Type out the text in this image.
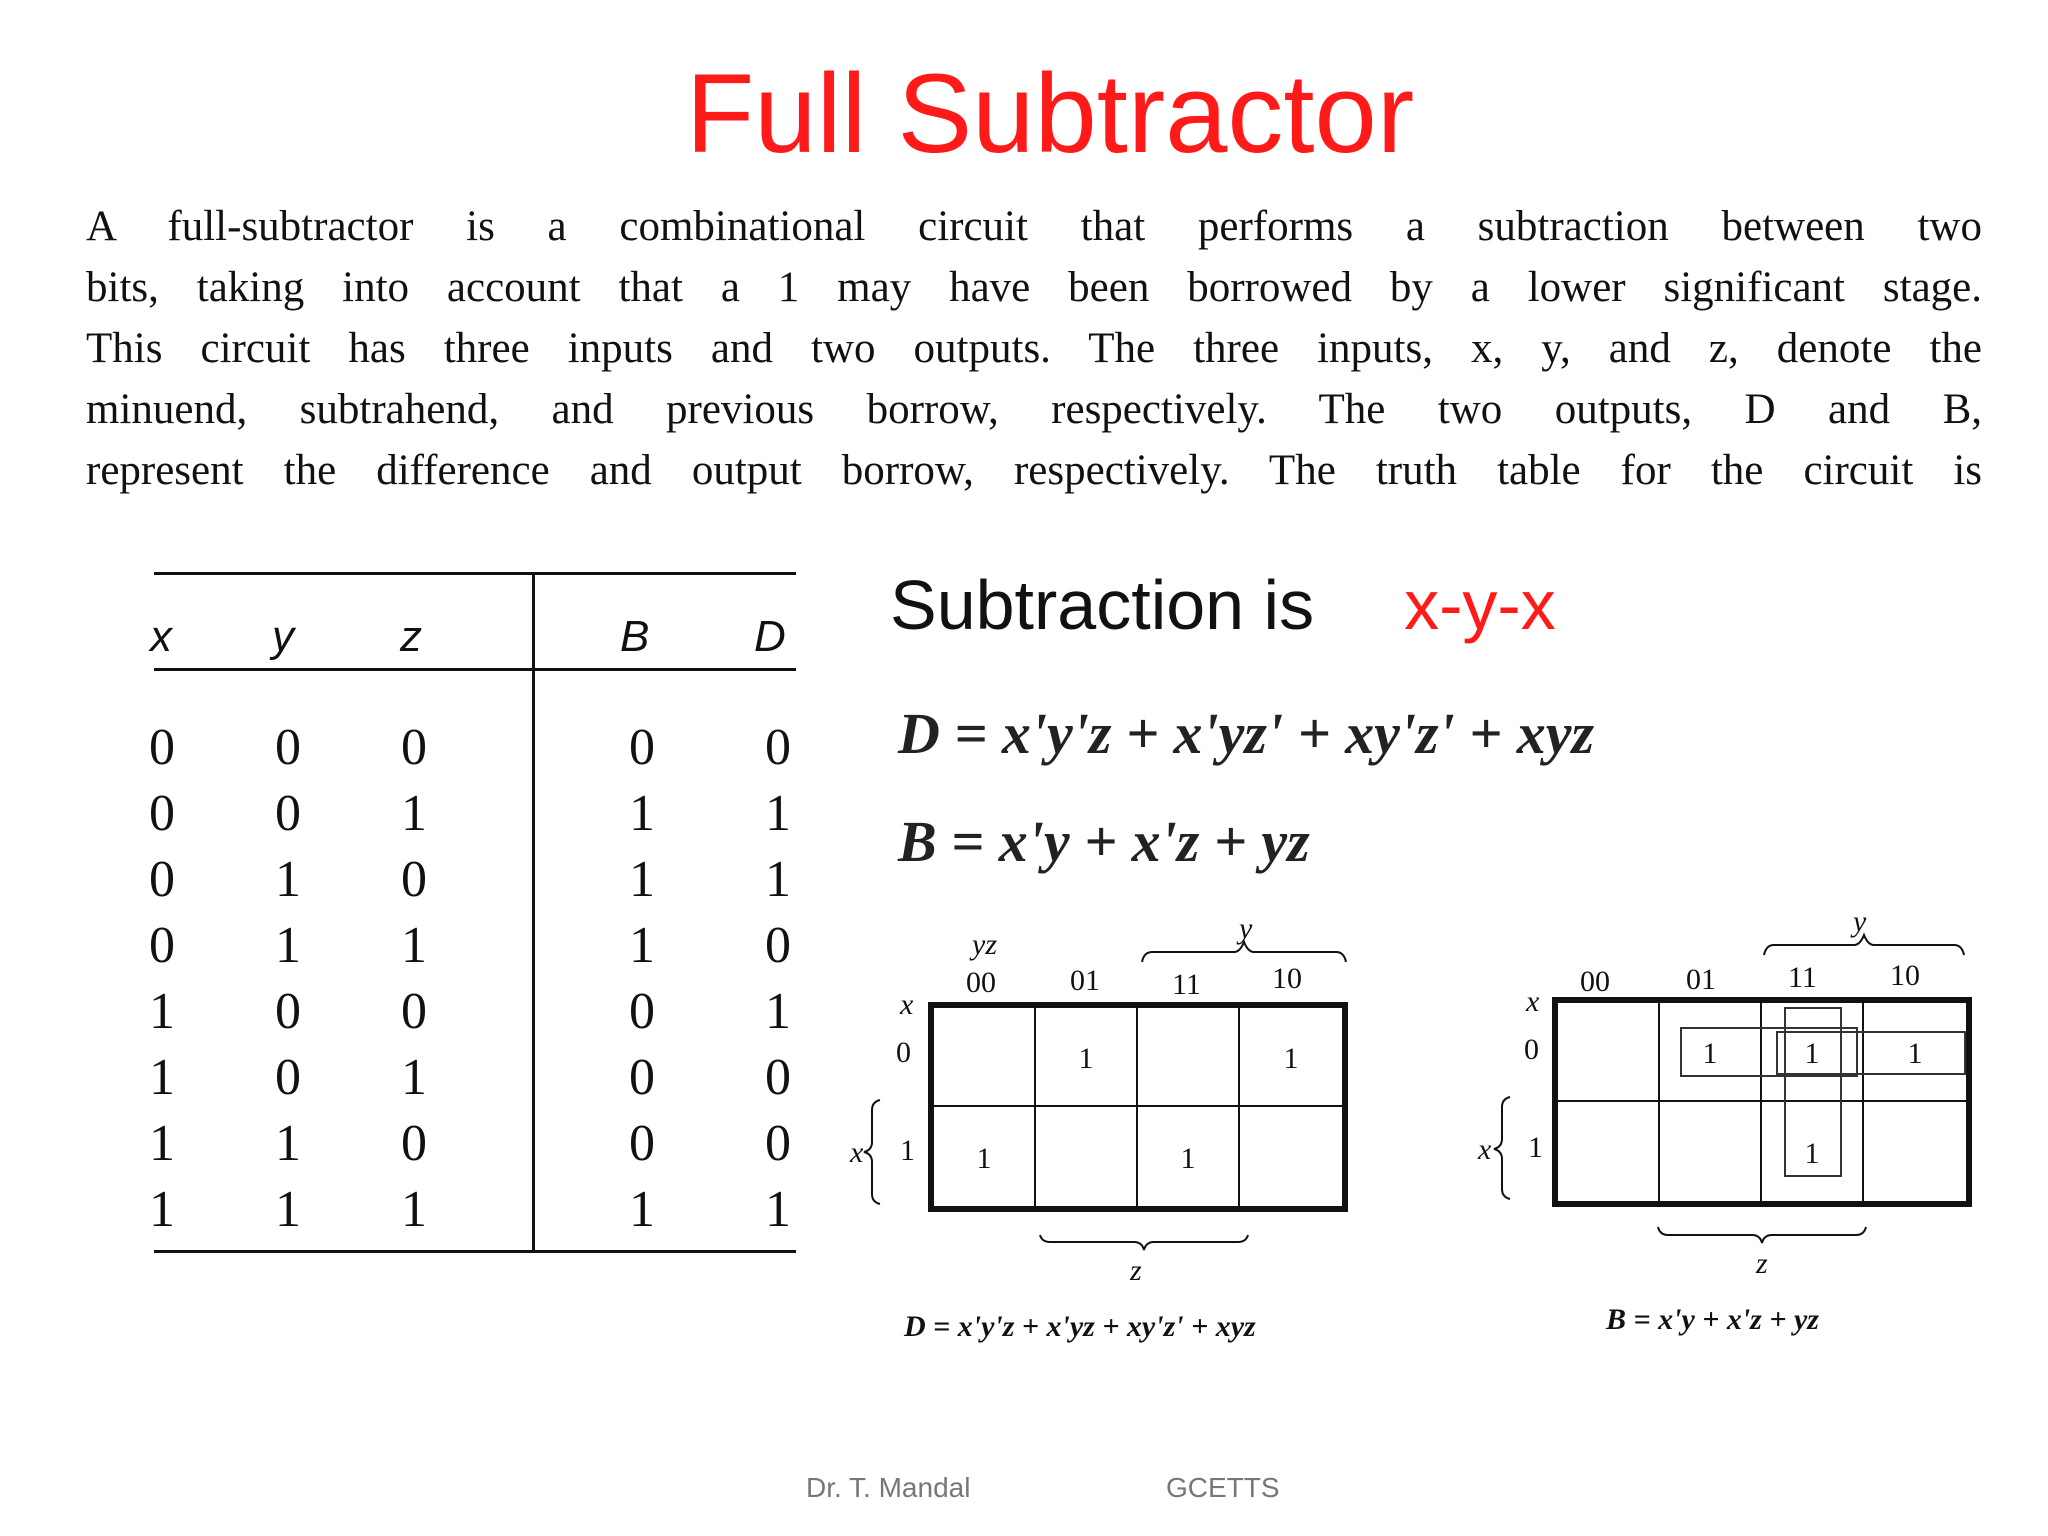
Full Subtractor
A full-subtractor is a combinational circuit that performs a subtraction between two
bits, taking into account that a 1 may have been borrowed by a lower significant stage.
This circuit has three inputs and two outputs. The three inputs, x, y, and z, denote the
minuend, subtrahend, and previous borrow, respectively. The two outputs, D and B,
represent the difference and output borrow, respectively. The truth table for the circuit is
x y z	B D
0 0 0	0 0
0 0 1	1 1
0 1 0	1 1
0 1 1	1 0
1 0 0	0 1
1 0 1	0 0
1 1 0	0 0
1 1 1	1 1
Subtraction is x-y-x
D = x'y'z + x'yz' + xy'z' + xyz
B = x'y + x'z + yz
yz	y
00 01 11 10
x
0
1
x
1	1
1	1
z
D = x'y'z + x'yz + xy'z' + xyz
y
00	01 11 10
x
0
1
x
1	1	1
1
z
B = x'y + x'z + yz
Dr. T. Mandal	GCETTS
